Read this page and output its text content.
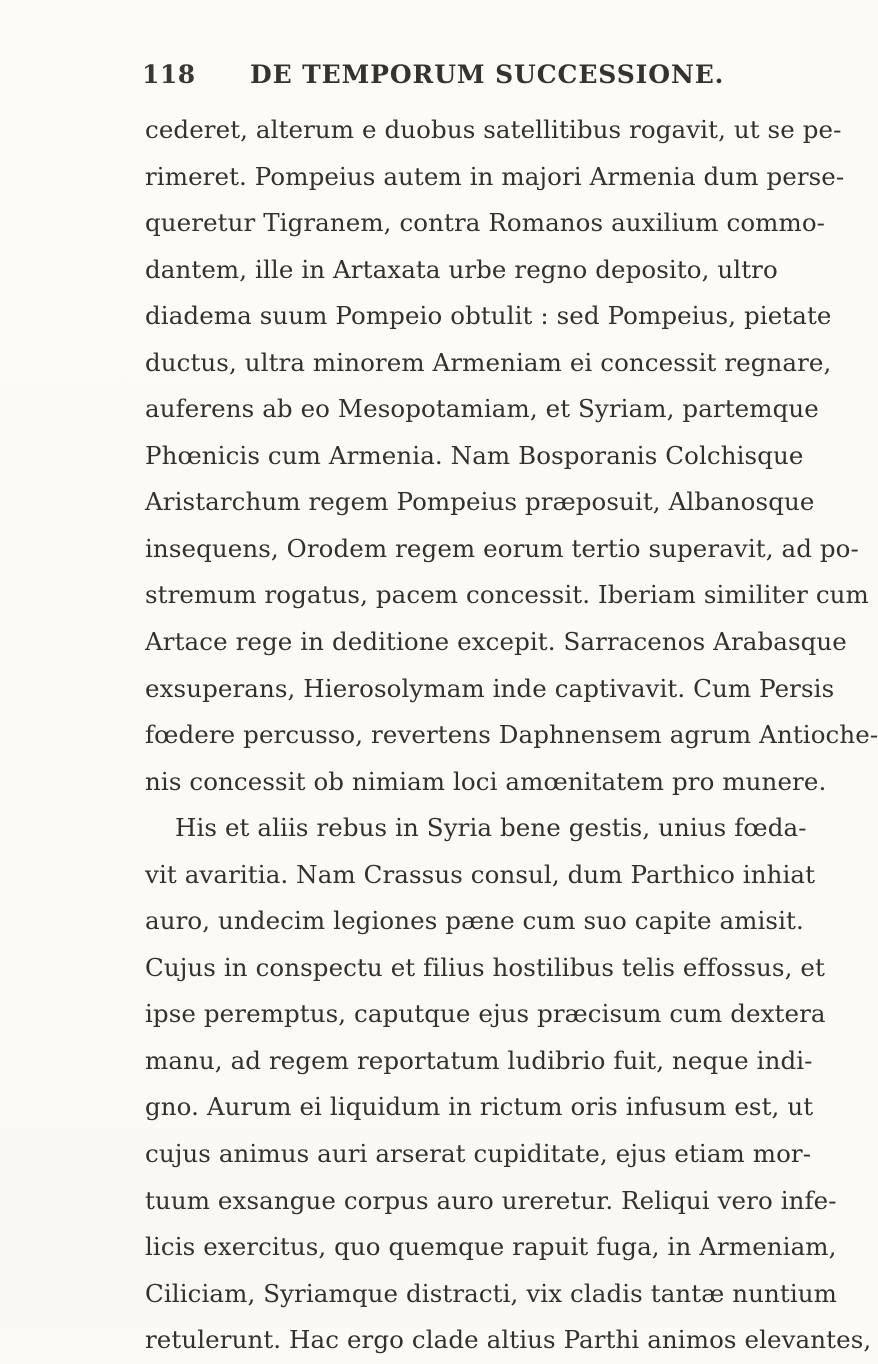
118 DE TEMPORUM SUCCESSIONE.
cederet, alterum e duobus satellitibus rogavit, ut se pe-
rimeret. Pompeius autem in majori Armenia dum perse-
queretur Tigranem, contra Romanos auxilium commo-
dantem, ille in Artaxata urbe regno deposito, ultro
diadema suum Pompeio obtulit : sed Pompeius, pietate
ductus, ultra minorem Armeniam ei concessit regnare,
auferens ab eo Mesopotamiam, et Syriam, partemque
Phœnicis cum Armenia. Nam Bosporanis Colchisque
Aristarchum regem Pompeius præposuit, Albanosque
insequens, Orodem regem eorum tertio superavit, ad po-
stremum rogatus, pacem concessit. Iberiam similiter cum
Artace rege in deditione excepit. Sarracenos Arabasque
exsuperans, Hierosolymam inde captivavit. Cum Persis
fœdere percusso, revertens Daphnensem agrum Antioche-
nis concessit ob nimiam loci amœnitatem pro munere.
His et aliis rebus in Syria bene gestis, unius fœda-
vit avaritia. Nam Crassus consul, dum Parthico inhiat
auro, undecim legiones pæne cum suo capite amisit.
Cujus in conspectu et filius hostilibus telis effossus, et
ipse peremptus, caputque ejus præcisum cum dextera
manu, ad regem reportatum ludibrio fuit, neque indi-
gno. Aurum ei liquidum in rictum oris infusum est, ut
cujus animus auri arserat cupiditate, ejus etiam mor-
tuum exsangue corpus auro ureretur. Reliqui vero infe-
licis exercitus, quo quemque rapuit fuga, in Armeniam,
Ciliciam, Syriamque distracti, vix cladis tantæ nuntium
retulerunt. Hac ergo clade altius Parthi animos elevantes,
